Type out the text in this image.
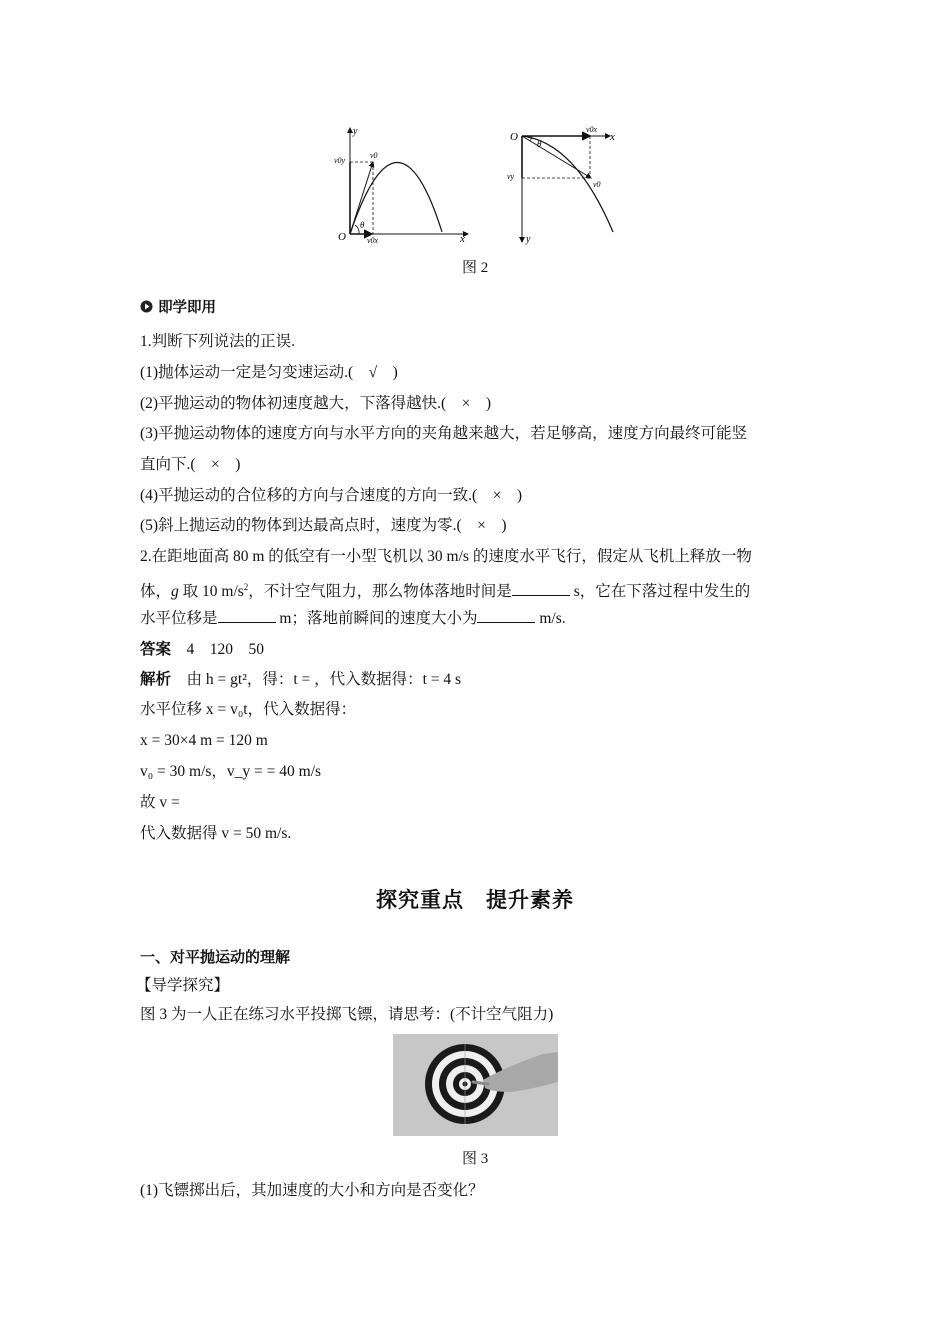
y
x
O
v0
v0y
v0x
θ
O	x
y
v0x
vy
v0
θ
图 2
即学即用
1.判断下列说法的正误.
(1)抛体运动一定是匀变速运动.(　√　)
(2)平抛运动的物体初速度越大，下落得越快.(　×　)
(3)平抛运动物体的速度方向与水平方向的夹角越来越大，若足够高，速度方向最终可能竖
直向下.(　×　)
(4)平抛运动的合位移的方向与合速度的方向一致.(　×　)
(5)斜上抛运动的物体到达最高点时，速度为零.(　×　)
2.在距地面高 80 m 的低空有一小型飞机以 30 m/s 的速度水平飞行，假定从飞机上释放一物
体，g 取 10 $m/s^2$，不计空气阻力，那么物体落地时间是	s，它在下落过程中发生的
水平位移是	m；落地前瞬间的速度大小为	m/s.
答案　 4　120　50
解析　由 h = gt²，得：t = ，代入数据得：t = 4 s
水平位移 x = v₀t，代入数据得：
x = 30×4 m = 120 m
v₀ = 30 m/s，v_y = = 40 m/s
故 v =
代入数据得 v = 50 m/s.
探究重点　提升素养
一、对平抛运动的理解
【导学探究】
图 3 为一人正在练习水平投掷飞镖，请思考：(不计空气阻力)
图 3
(1)飞镖掷出后，其加速度的大小和方向是否变化？
